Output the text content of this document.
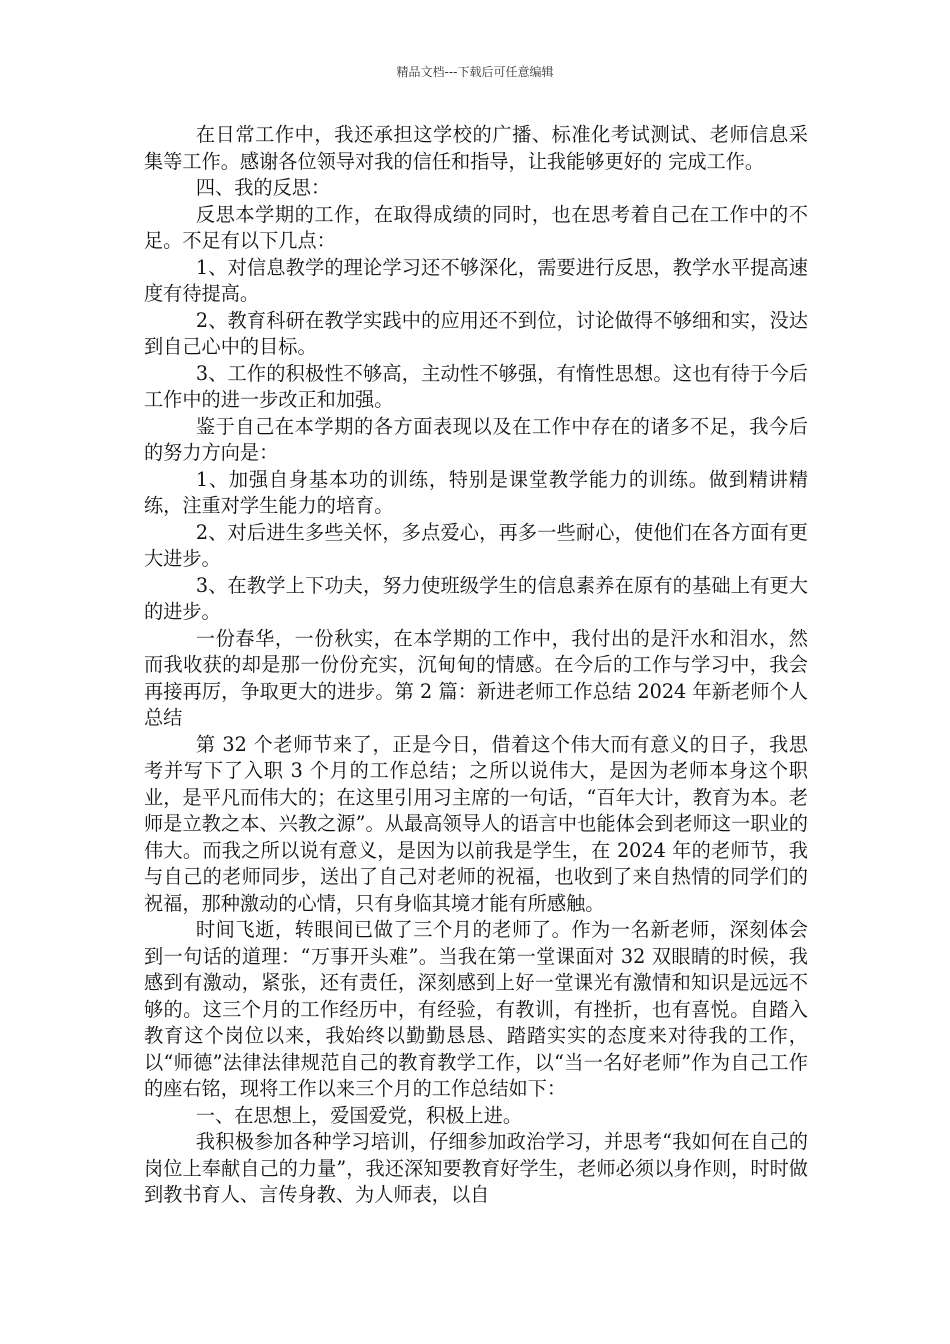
精品文档---下载后可任意编辑

在日常工作中，我还承担这学校的广播、标准化考试测试、老师信息采集等工作。感谢各位领导对我的信任和指导，让我能够更好的 完成工作。

四、我的反思：

反思本学期的工作，在取得成绩的同时，也在思考着自己在工作中的不足。不足有以下几点：

1、对信息教学的理论学习还不够深化，需要进行反思，教学水平提高速度有待提高。

2、教育科研在教学实践中的应用还不到位，讨论做得不够细和实，没达到自己心中的目标。

3、工作的积极性不够高，主动性不够强，有惰性思想。这也有待于今后工作中的进一步改正和加强。

鉴于自己在本学期的各方面表现以及在工作中存在的诸多不足，我今后的努力方向是：

1、加强自身基本功的训练，特别是课堂教学能力的训练。做到精讲精练，注重对学生能力的培育。

2、对后进生多些关怀，多点爱心，再多一些耐心，使他们在各方面有更大进步。

3、在教学上下功夫，努力使班级学生的信息素养在原有的基础上有更大的进步。

一份春华，一份秋实，在本学期的工作中，我付出的是汗水和泪水，然而我收获的却是那一份份充实，沉甸甸的情感。在今后的工作与学习中，我会再接再厉，争取更大的进步。第 2 篇：新进老师工作总结 2024 年新老师个人总结

第 32 个老师节来了，正是今日，借着这个伟大而有意义的日子，我思考并写下了入职 3 个月的工作总结；之所以说伟大，是因为老师本身这个职业，是平凡而伟大的；在这里引用习主席的一句话，“百年大计，教育为本。老师是立教之本、兴教之源”。从最高领导人的语言中也能体会到老师这一职业的伟大。而我之所以说有意义，是因为以前我是学生，在 2024 年的老师节，我与自己的老师同步，送出了自己对老师的祝福，也收到了来自热情的同学们的祝福，那种激动的心情，只有身临其境才能有所感触。

时间飞逝，转眼间已做了三个月的老师了。作为一名新老师，深刻体会到一句话的道理：“万事开头难”。当我在第一堂课面对 32 双眼睛的时候，我感到有激动，紧张，还有责任，深刻感到上好一堂课光有激情和知识是远远不够的。这三个月的工作经历中，有经验，有教训，有挫折，也有喜悦。自踏入教育这个岗位以来，我始终以勤勤恳恳、踏踏实实的态度来对待我的工作，以“师德”法律法律规范自己的教育教学工作，以“当一名好老师”作为自己工作的座右铭，现将工作以来三个月的工作总结如下：

一、在思想上，爱国爱党，积极上进。

我积极参加各种学习培训，仔细参加政治学习，并思考“我如何在自己的岗位上奉献自己的力量”，我还深知要教育好学生，老师必须以身作则，时时做到教书育人、言传身教、为人师表，以自
